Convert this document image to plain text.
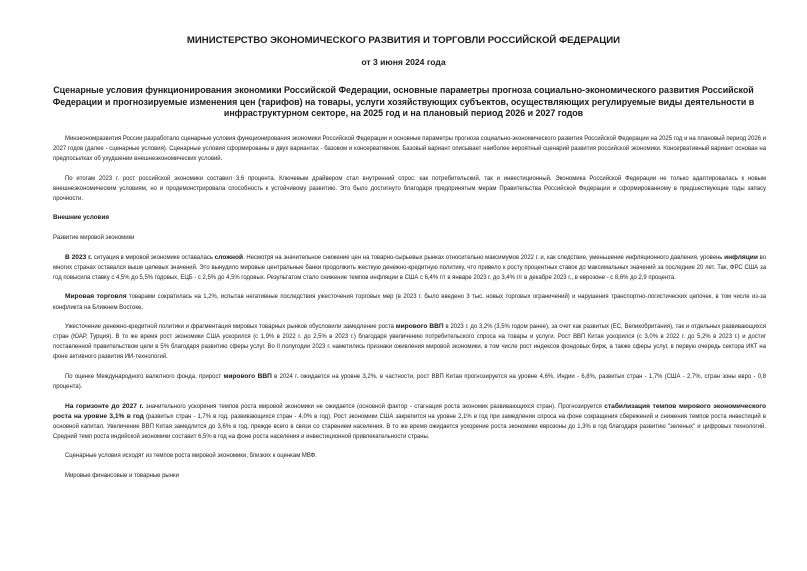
МИНИСТЕРСТВО ЭКОНОМИЧЕСКОГО РАЗВИТИЯ И ТОРГОВЛИ РОССИЙСКОЙ ФЕДЕРАЦИИ
от 3 июня 2024 года
Сценарные условия функционирования экономики Российской Федерации, основные параметры прогноза социально-экономического развития Российской Федерации и прогнозируемые изменения цен (тарифов) на товары, услуги хозяйствующих субъектов, осуществляющих регулируемые виды деятельности в инфраструктурном секторе, на 2025 год и на плановый период 2026 и 2027 годов

Минэкономразвития России разработало сценарные условия функционирования экономики Российской Федерации и основные параметры прогноза социально-экономического развития Российской Федерации на 2025 год и на плановый период 2026 и 2027 годов (далее - сценарные условия). Сценарные условия сформированы в двух вариантах - базовом и консервативном. Базовый вариант описывает наиболее вероятный сценарий развития российской экономики. Консервативный вариант основан на предпосылках об ухудшении внешнеэкономических условий.

По итогам 2023 г. рост российской экономики составил 3,6 процента. Ключевым драйвером стал внутренний спрос: как потребительский, так и инвестиционный. Экономика Российской Федерации не только адаптировалась к новым внешнеэкономическим условиям, но и продемонстрировала способность к устойчивому развитию. Это было достигнуто благодаря предпринятым мерам Правительства Российской Федерации и сформированному в предшествующие годы запасу прочности.

Внешние условия

Развитие мировой экономики

В 2023 г. ситуация в мировой экономике оставалась сложной. Несмотря на значительное снижение цен на товарно-сырьевых рынках относительно максимумов 2022 г. и, как следствие, уменьшение инфляционного давления, уровень инфляции во многих странах оставался выше целевых значений. Это вынудило мировые центральные банки продолжить жесткую денежно-кредитную политику, что привело к росту процентных ставок до максимальных значений за последние 20 лет. Так, ФРС США за год повысила ставку с 4,5% до 5,5% годовых, ЕЦБ - с 2,5% до 4,5% годовых. Результатом стало снижение темпов инфляции в США с 6,4% г/г в январе 2023 г. до 3,4% г/г в декабре 2023 г., в еврозоне - с 8,6% до 2,9 процента.

Мировая торговля товарами сократилась на 1,2%, испытав негативные последствия ужесточения торговых мер (в 2023 г. было введено 3 тыс. новых торговых ограничений) и нарушения транспортно-логистических цепочек, в том числе из-за конфликта на Ближнем Востоке.

Ужесточение денежно-кредитной политики и фрагментация мировых товарных рынков обусловили замедление роста мирового ВВП в 2023 г. до 3,2% (3,5% годом ранее), за счет как развитых (ЕС, Великобритания), так и отдельных развивающихся стран (ЮАР, Турция). В то же время рост экономики США ускорился (с 1,9% в 2022 г. до 2,5% в 2023 г.) благодаря увеличению потребительского спроса на товары и услуги. Рост ВВП Китая ускорился (с 3,0% в 2022 г. до 5,2% в 2023 г.) и достиг поставленной правительством цели в 5% благодаря развитию сферы услуг. Во II полугодии 2023 г. наметились признаки оживления мировой экономики, в том числе рост индексов фондовых бирж, а также сферы услуг, в первую очередь сектора ИКТ на фоне активного развития ИИ-технологий.

По оценке Международного валютного фонда, прирост мирового ВВП в 2024 г. ожидается на уровне 3,2%, в частности, рост ВВП Китая прогнозируется на уровне 4,6%, Индии - 6,8%, развитых стран - 1,7% (США - 2,7%, стран зоны евро - 0,8 процента).

На горизонте до 2027 г. значительного ускорения темпов роста мировой экономики не ожидается (основной фактор - стагнация роста экономик развивающихся стран). Прогнозируется стабилизация темпов мирового экономического роста на уровне 3,1% в год (развитых стран - 1,7% в год, развивающихся стран - 4,0% в год). Рост экономики США закрепится на уровне 2,1% в год при замедлении спроса на фоне сокращения сбережений и снижения темпов роста инвестиций в основной капитал. Увеличение ВВП Китая замедлится до 3,6% в год, прежде всего в связи со старением населения. В то же время ожидается ускорение роста экономики еврозоны до 1,3% в год благодаря развитию "зеленых" и цифровых технологий. Средний темп роста индийской экономики составит 6,5% в год на фоне роста населения и инвестиционной привлекательности страны.

Сценарные условия исходят из темпов роста мировой экономики, близких к оценкам МВФ.

Мировые финансовые и товарные рынки
